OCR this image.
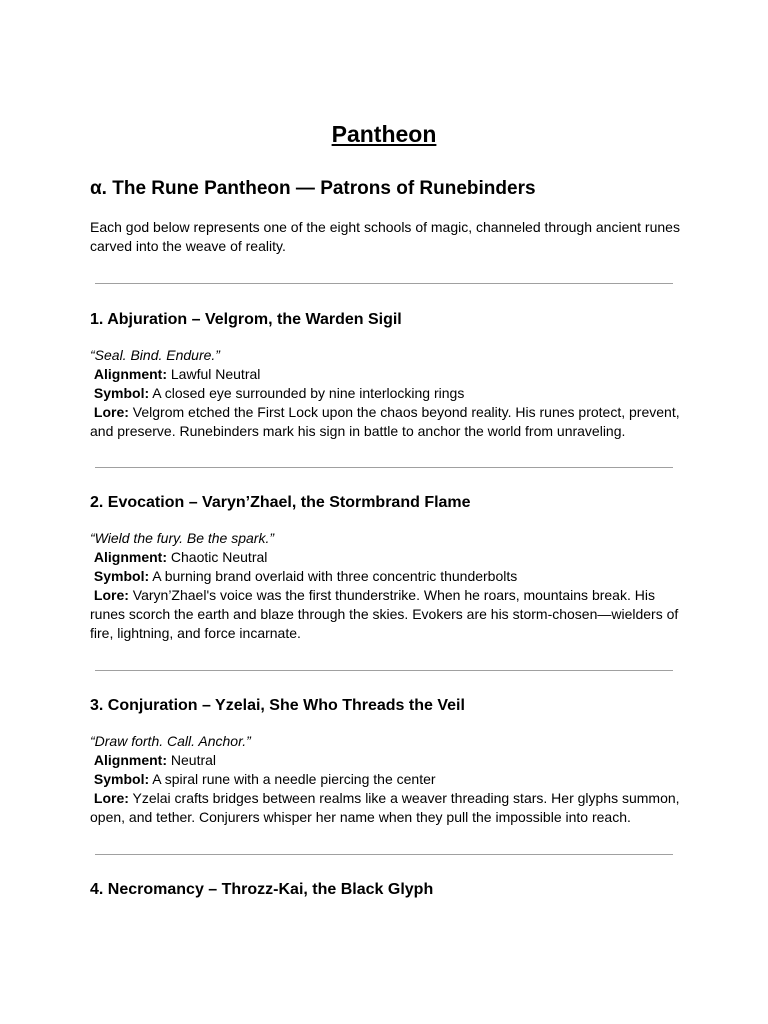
Pantheon
α. The Rune Pantheon — Patrons of Runebinders

Each god below represents one of the eight schools of magic, channeled through ancient runes carved into the weave of reality.

1. Abjuration – Velgrom, the Warden Sigil
“Seal. Bind. Endure.”
Alignment: Lawful Neutral
Symbol: A closed eye surrounded by nine interlocking rings
Lore: Velgrom etched the First Lock upon the chaos beyond reality. His runes protect, prevent, and preserve. Runebinders mark his sign in battle to anchor the world from unraveling.
2. Evocation – Varyn’Zhael, the Stormbrand Flame
“Wield the fury. Be the spark.”
Alignment: Chaotic Neutral
Symbol: A burning brand overlaid with three concentric thunderbolts
Lore: Varyn’Zhael's voice was the first thunderstrike. When he roars, mountains break. His runes scorch the earth and blaze through the skies. Evokers are his storm-chosen—wielders of fire, lightning, and force incarnate.
3. Conjuration – Yzelai, She Who Threads the Veil
“Draw forth. Call. Anchor.”
Alignment: Neutral
Symbol: A spiral rune with a needle piercing the center
Lore: Yzelai crafts bridges between realms like a weaver threading stars. Her glyphs summon, open, and tether. Conjurers whisper her name when they pull the impossible into reach.
4. Necromancy – Throzz-Kai, the Black Glyph
